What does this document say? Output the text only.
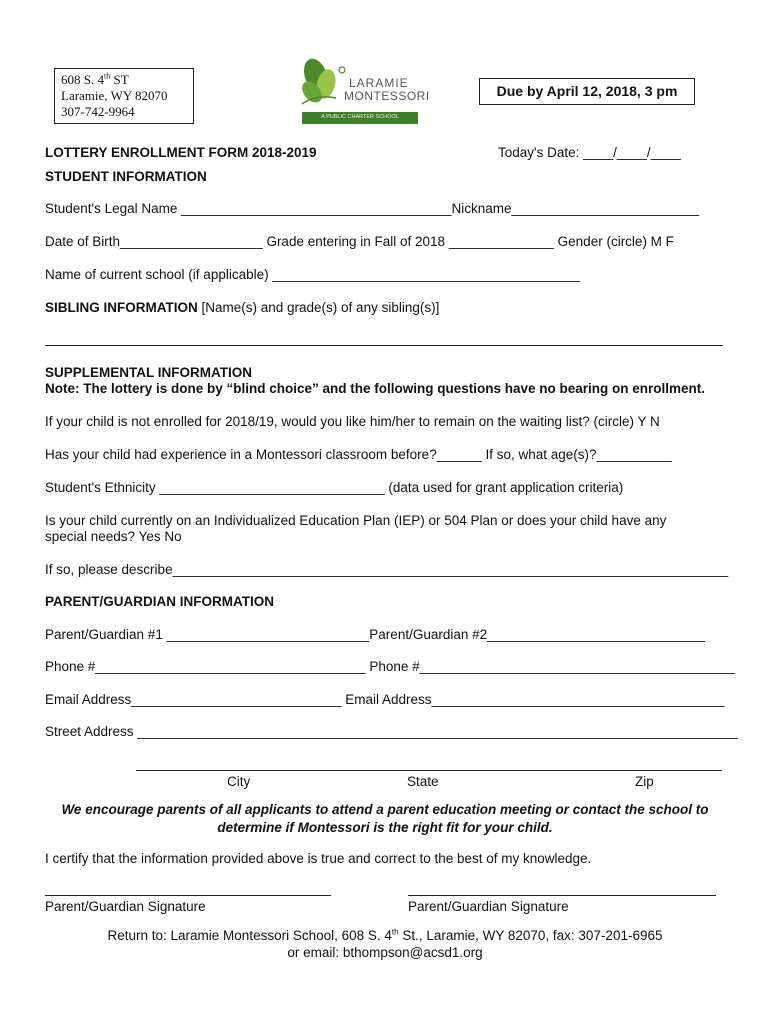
608 S. 4th ST
Laramie, WY 82070
307-742-9964
LARAMIE
MONTESSORI
A PUBLIC CHARTER SCHOOL
Due by April 12, 2018, 3 pm
LOTTERY ENROLLMENT FORM 2018-2019	Today's Date: ____/____/____
STUDENT INFORMATION
Student's Legal Name ____________________________________Nickname_________________________
Date of Birth___________________ Grade entering in Fall of 2018 ______________ Gender (circle) M F
Name of current school (if applicable) _________________________________________
SIBLING INFORMATION [Name(s) and grade(s) of any sibling(s)]
SUPPLEMENTAL INFORMATION
Note: The lottery is done by “blind choice” and the following questions have no bearing on enrollment.
If your child is not enrolled for 2018/19, would you like him/her to remain on the waiting list? (circle) Y N
Has your child had experience in a Montessori classroom before?______ If so, what age(s)?__________
Student's Ethnicity ______________________________ (data used for grant application criteria)
Is your child currently on an Individualized Education Plan (IEP) or 504 Plan or does your child have any
special needs? Yes No
If so, please describe__________________________________________________________________________
PARENT/GUARDIAN INFORMATION
Parent/Guardian #1 ___________________________Parent/Guardian #2_____________________________
Phone #____________________________________ Phone #__________________________________________
Email Address____________________________ Email Address_______________________________________
Street Address ________________________________________________________________________________
City	State	Zip
We encourage parents of all applicants to attend a parent education meeting or contact the school to determine if Montessori is the right fit for your child.
I certify that the information provided above is true and correct to the best of my knowledge.
Parent/Guardian Signature	Parent/Guardian Signature
Return to: Laramie Montessori School, 608 S. 4th St., Laramie, WY 82070, fax: 307-201-6965
or email: bthompson@acsd1.org
